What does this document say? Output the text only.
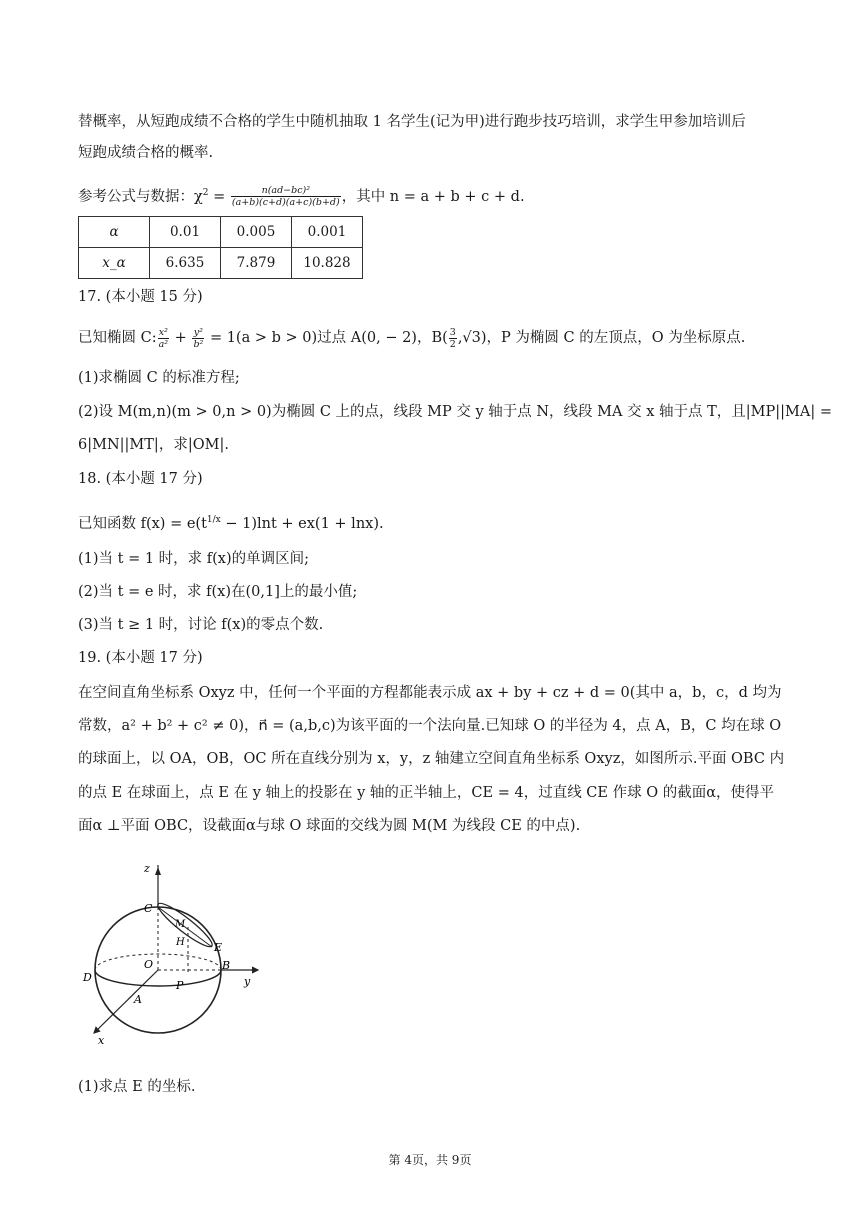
替概率，从短跑成绩不合格的学生中随机抽取 1 名学生(记为甲)进行跑步技巧培训，求学生甲参加培训后
短跑成绩合格的概率.
参考公式与数据：$\chi^2 = \frac{\text{n(ad−bc)²}}{(a+b)(c+d)(a+c)(b+d)}$ ，其中 n = a + b + c + d.
α	0.01	0.005	0.001
x_α	6.635	7.879	10.828
17. (本小题 15 分)
已知椭圆 C: $\frac{\text{x²}}{\text{a²}} + \frac{\text{y²}}{\text{b²}} = 1(a > b > 0)$过点 A(0, − 2)，$B( \frac{3}{2} ,√3)$，P 为椭圆 C 的左顶点，O 为坐标原点.
(1)求椭圆 C 的标准方程;
(2)设 M(m,n)(m > 0,n > 0)为椭圆 C 上的点，线段 MP 交 y 轴于点 N，线段 MA 交 x 轴于点 T，且|MP||MA| =
6|MN||MT|，求|OM|.
18. (本小题 17 分)
已知函数 $f(x) = e(t^{1/x} - 1)\ln t + ex(1 + \ln x)$.
(1)当 t = 1 时，求 f(x)的单调区间;
(2)当 t = e 时，求 f(x)在(0,1]上的最小值;
(3)当 t ≥ 1 时，讨论 f(x)的零点个数.
19. (本小题 17 分)
在空间直角坐标系 Oxyz 中，任何一个平面的方程都能表示成 ax + by + cz + d = 0(其中 a，b，c，d 均为
常数，a² + b² + c² ≠ 0)，n⃗ = (a,b,c)为该平面的一个法向量.已知球 O 的半径为 4，点 A，B，C 均在球 O
的球面上，以 OA，OB，OC 所在直线分别为 x，y，z 轴建立空间直角坐标系 Oxyz，如图所示.平面 OBC 内
的点 E 在球面上，点 E 在 y 轴上的投影在 y 轴的正半轴上，CE = 4，过直线 CE 作球 O 的截面α，使得平
面α ⊥平面 OBC，设截面α与球 O 球面的交线为圆 M(M 为线段 CE 的中点).
z
C
M
H	E
D
O	B
P
A
y
x
(1)求点 E 的坐标.
第 4页，共 9页
